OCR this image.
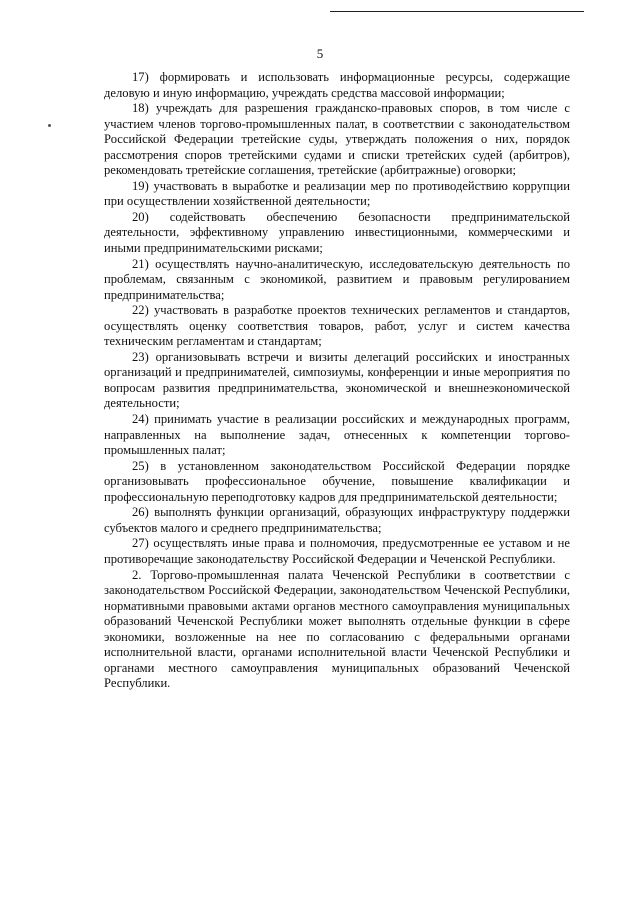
5

17) формировать и использовать информационные ресурсы, содержащие деловую и иную информацию, учреждать средства массовой информации;

18) учреждать для разрешения гражданско-правовых споров, в том числе с участием членов торгово-промышленных палат, в соответствии с законодательством Российской Федерации третейские суды, утверждать положения о них, порядок рассмотрения споров третейскими судами и списки третейских судей (арбитров), рекомендовать третейские соглашения, третейские (арбитражные) оговорки;

19) участвовать в выработке и реализации мер по противодействию коррупции при осуществлении хозяйственной деятельности;

20) содействовать обеспечению безопасности предпринимательской деятельности, эффективному управлению инвестиционными, коммерческими и иными предпринимательскими рисками;

21) осуществлять научно-аналитическую, исследовательскую деятельность по проблемам, связанным с экономикой, развитием и правовым регулированием предпринимательства;

22) участвовать в разработке проектов технических регламентов и стандартов, осуществлять оценку соответствия товаров, работ, услуг и систем качества техническим регламентам и стандартам;

23) организовывать встречи и визиты делегаций российских и иностранных организаций и предпринимателей, симпозиумы, конференции и иные мероприятия по вопросам развития предпринимательства, экономической и внешнеэкономической деятельности;

24) принимать участие в реализации российских и международных программ, направленных на выполнение задач, отнесенных к компетенции торгово-промышленных палат;

25) в установленном законодательством Российской Федерации порядке организовывать профессиональное обучение, повышение квалификации и профессиональную переподготовку кадров для предпринимательской деятельности;

26) выполнять функции организаций, образующих инфраструктуру поддержки субъектов малого и среднего предпринимательства;

27) осуществлять иные права и полномочия, предусмотренные ее уставом и не противоречащие законодательству Российской Федерации и Чеченской Республики.

2. Торгово-промышленная палата Чеченской Республики в соответствии с законодательством Российской Федерации, законодательством Чеченской Республики, нормативными правовыми актами органов местного самоуправления муниципальных образований Чеченской Республики может выполнять отдельные функции в сфере экономики, возложенные на нее по согласованию с федеральными органами исполнительной власти, органами исполнительной власти Чеченской Республики и органами местного самоуправления муниципальных образований Чеченской Республики.
